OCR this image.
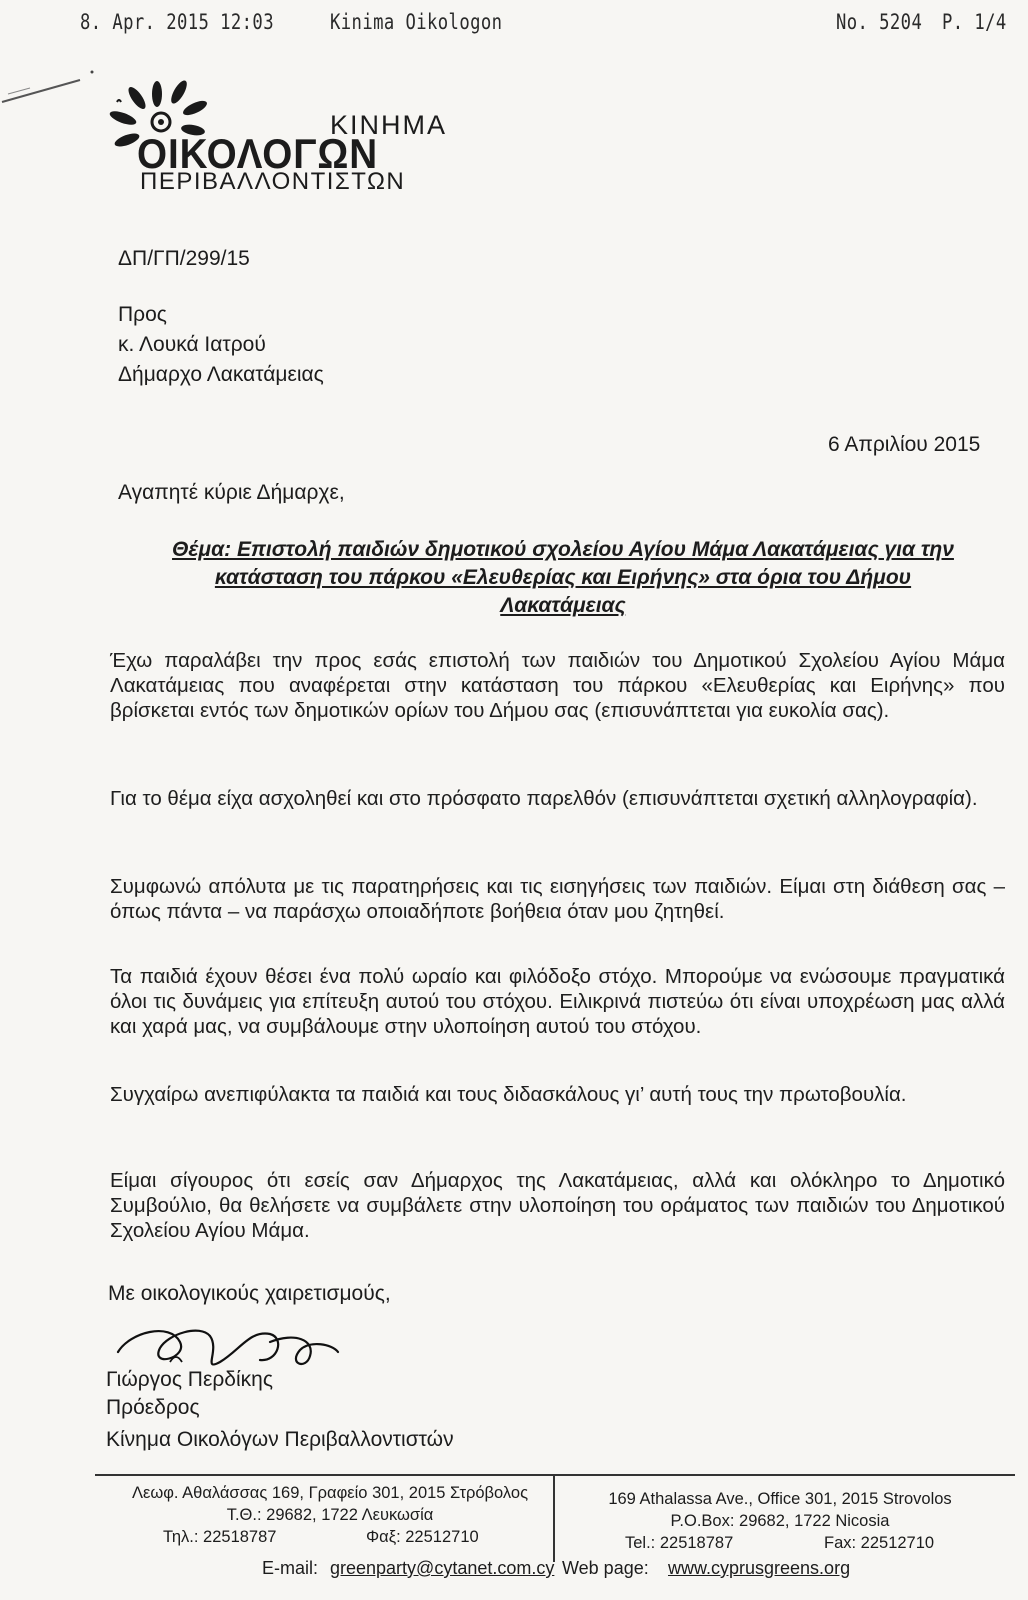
8. Apr. 2015 12:03	Kinima Oikologon	No. 5204 P. 1/4
ΚΙΝΗΜΑ
ΟΙΚΟΛΟΓΩΝ
ΠΕΡΙΒΑΛΛΟΝΤΙΣΤΩΝ
ΔΠ/ΓΠ/299/15
Προς
κ. Λουκά Ιατρού
Δήμαρχο Λακατάμειας
6 Απριλίου 2015
Αγαπητέ κύριε Δήμαρχε,
Θέμα: Επιστολή παιδιών δημοτικού σχολείου Αγίου Μάμα Λακατάμειας για την
κατάσταση του πάρκου «Ελευθερίας και Ειρήνης» στα όρια του Δήμου
Λακατάμειας
Έχω παραλάβει την προς εσάς επιστολή των παιδιών του Δημοτικού Σχολείου Αγίου Μάμα Λακατάμειας που αναφέρεται στην κατάσταση του πάρκου «Ελευθερίας και Ειρήνης» που βρίσκεται εντός των δημοτικών ορίων του Δήμου σας (επισυνάπτεται για ευκολία σας).
Για το θέμα είχα ασχοληθεί και στο πρόσφατο παρελθόν (επισυνάπτεται σχετική αλληλογραφία).
Συμφωνώ απόλυτα με τις παρατηρήσεις και τις εισηγήσεις των παιδιών. Είμαι στη διάθεση σας – όπως πάντα – να παράσχω οποιαδήποτε βοήθεια όταν μου ζητηθεί.
Τα παιδιά έχουν θέσει ένα πολύ ωραίο και φιλόδοξο στόχο. Μπορούμε να ενώσουμε πραγματικά όλοι τις δυνάμεις για επίτευξη αυτού του στόχου. Ειλικρινά πιστεύω ότι είναι υποχρέωση μας αλλά και χαρά μας, να συμβάλουμε στην υλοποίηση αυτού του στόχου.
Συγχαίρω ανεπιφύλακτα τα παιδιά και τους διδασκάλους γι’ αυτή τους την πρωτοβουλία.
Είμαι σίγουρος ότι εσείς σαν Δήμαρχος της Λακατάμειας, αλλά και ολόκληρο το Δημοτικό Συμβούλιο, θα θελήσετε να συμβάλετε στην υλοποίηση του οράματος των παιδιών του Δημοτικού Σχολείου Αγίου Μάμα.
Με οικολογικούς χαιρετισμούς,
Γιώργος Περδίκης
Πρόεδρος
Κίνημα Οικολόγων Περιβαλλοντιστών
Λεωφ. Αθαλάσσας 169, Γραφείο 301, 2015 Στρόβολος
Τ.Θ.: 29682, 1722 Λευκωσία
Τηλ.: 22518787	Φαξ: 22512710
169 Athalassa Ave., Office 301, 2015 Strovolos
P.O.Box: 29682, 1722 Nicosia
Tel.: 22518787	Fax: 22512710
E-mail: greenparty@cytanet.com.cy Web page: www.cyprusgreens.org
